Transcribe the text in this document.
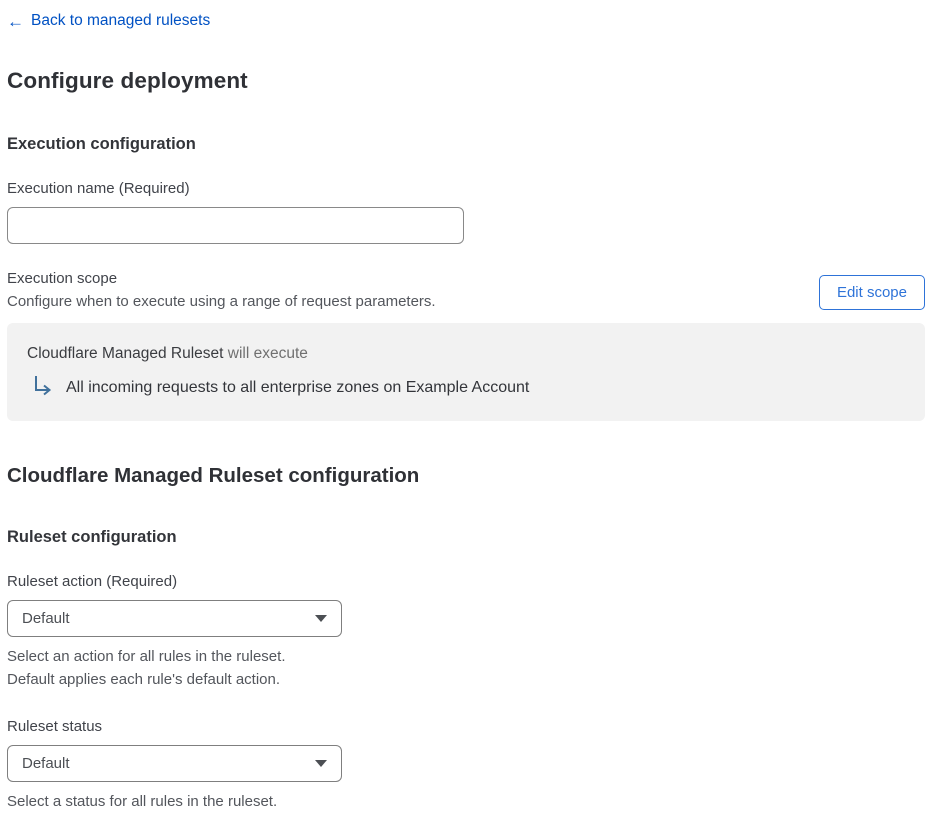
← Back to managed rulesets
Configure deployment
Execution configuration
Execution name (Required)
Execution scope
Configure when to execute using a range of request parameters.
Edit scope
Cloudflare Managed Ruleset will execute
All incoming requests to all enterprise zones on Example Account
Cloudflare Managed Ruleset configuration
Ruleset configuration
Ruleset action (Required)
Default
Select an action for all rules in the ruleset.
Default applies each rule's default action.
Ruleset status
Default
Select a status for all rules in the ruleset.
